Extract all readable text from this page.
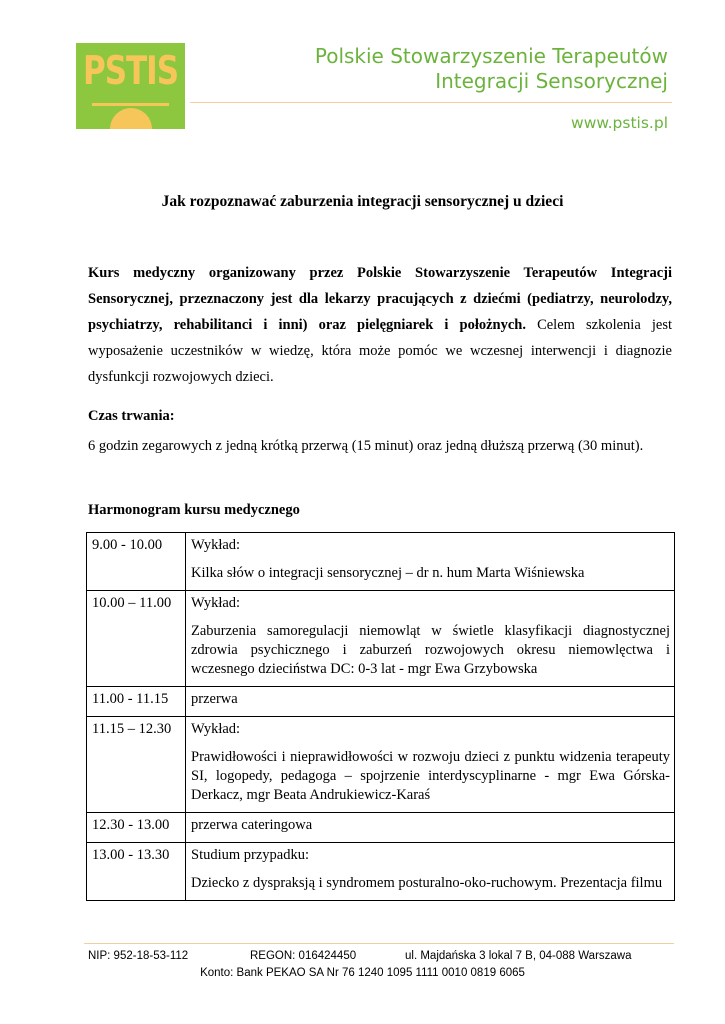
PSTIS	Polskie Stowarzyszenie Terapeutów
Integracji Sensorycznej
www.pstis.pl
Jak rozpoznawać zaburzenia integracji sensorycznej u dzieci

Kurs medyczny organizowany przez Polskie Stowarzyszenie Terapeutów Integracji Sensorycznej, przeznaczony jest dla lekarzy pracujących z dziećmi (pediatrzy, neurolodzy, psychiatrzy, rehabilitanci i inni) oraz pielęgniarek i położnych. Celem szkolenia jest wyposażenie uczestników w wiedzę, która może pomóc we wczesnej interwencji i diagnozie dysfunkcji rozwojowych dzieci.

Czas trwania:
6 godzin zegarowych z jedną krótką przerwą (15 minut) oraz jedną dłuższą przerwą (30 minut).
Harmonogram kursu medycznego
9.00 - 10.00	Wykład:
Kilka słów o integracji sensorycznej – dr n. hum Marta Wiśniewska

10.00 – 11.00	Wykład:
Zaburzenia samoregulacji niemowląt w świetle klasyfikacji diagnostycznej zdrowia psychicznego i zaburzeń rozwojowych okresu niemowlęctwa i wczesnego dzieciństwa DC: 0-3 lat - mgr Ewa Grzybowska

11.00 - 11.15	przerwa

11.15 – 12.30	Wykład:
Prawidłowości i nieprawidłowości w rozwoju dzieci z punktu widzenia terapeuty SI, logopedy, pedagoga – spojrzenie interdyscyplinarne - mgr Ewa Górska-Derkacz, mgr Beata Andrukiewicz-Karaś

12.30 - 13.00	przerwa cateringowa

13.00 - 13.30	Studium przypadku:
Dziecko z dyspraksją i syndromem posturalno-oko-ruchowym. Prezentacja filmu
NIP: 952-18-53-112	REGON: 016424450	ul. Majdańska 3 lokal 7 B, 04-088 Warszawa
Konto: Bank PEKAO SA Nr 76 1240 1095 1111 0010 0819 6065
